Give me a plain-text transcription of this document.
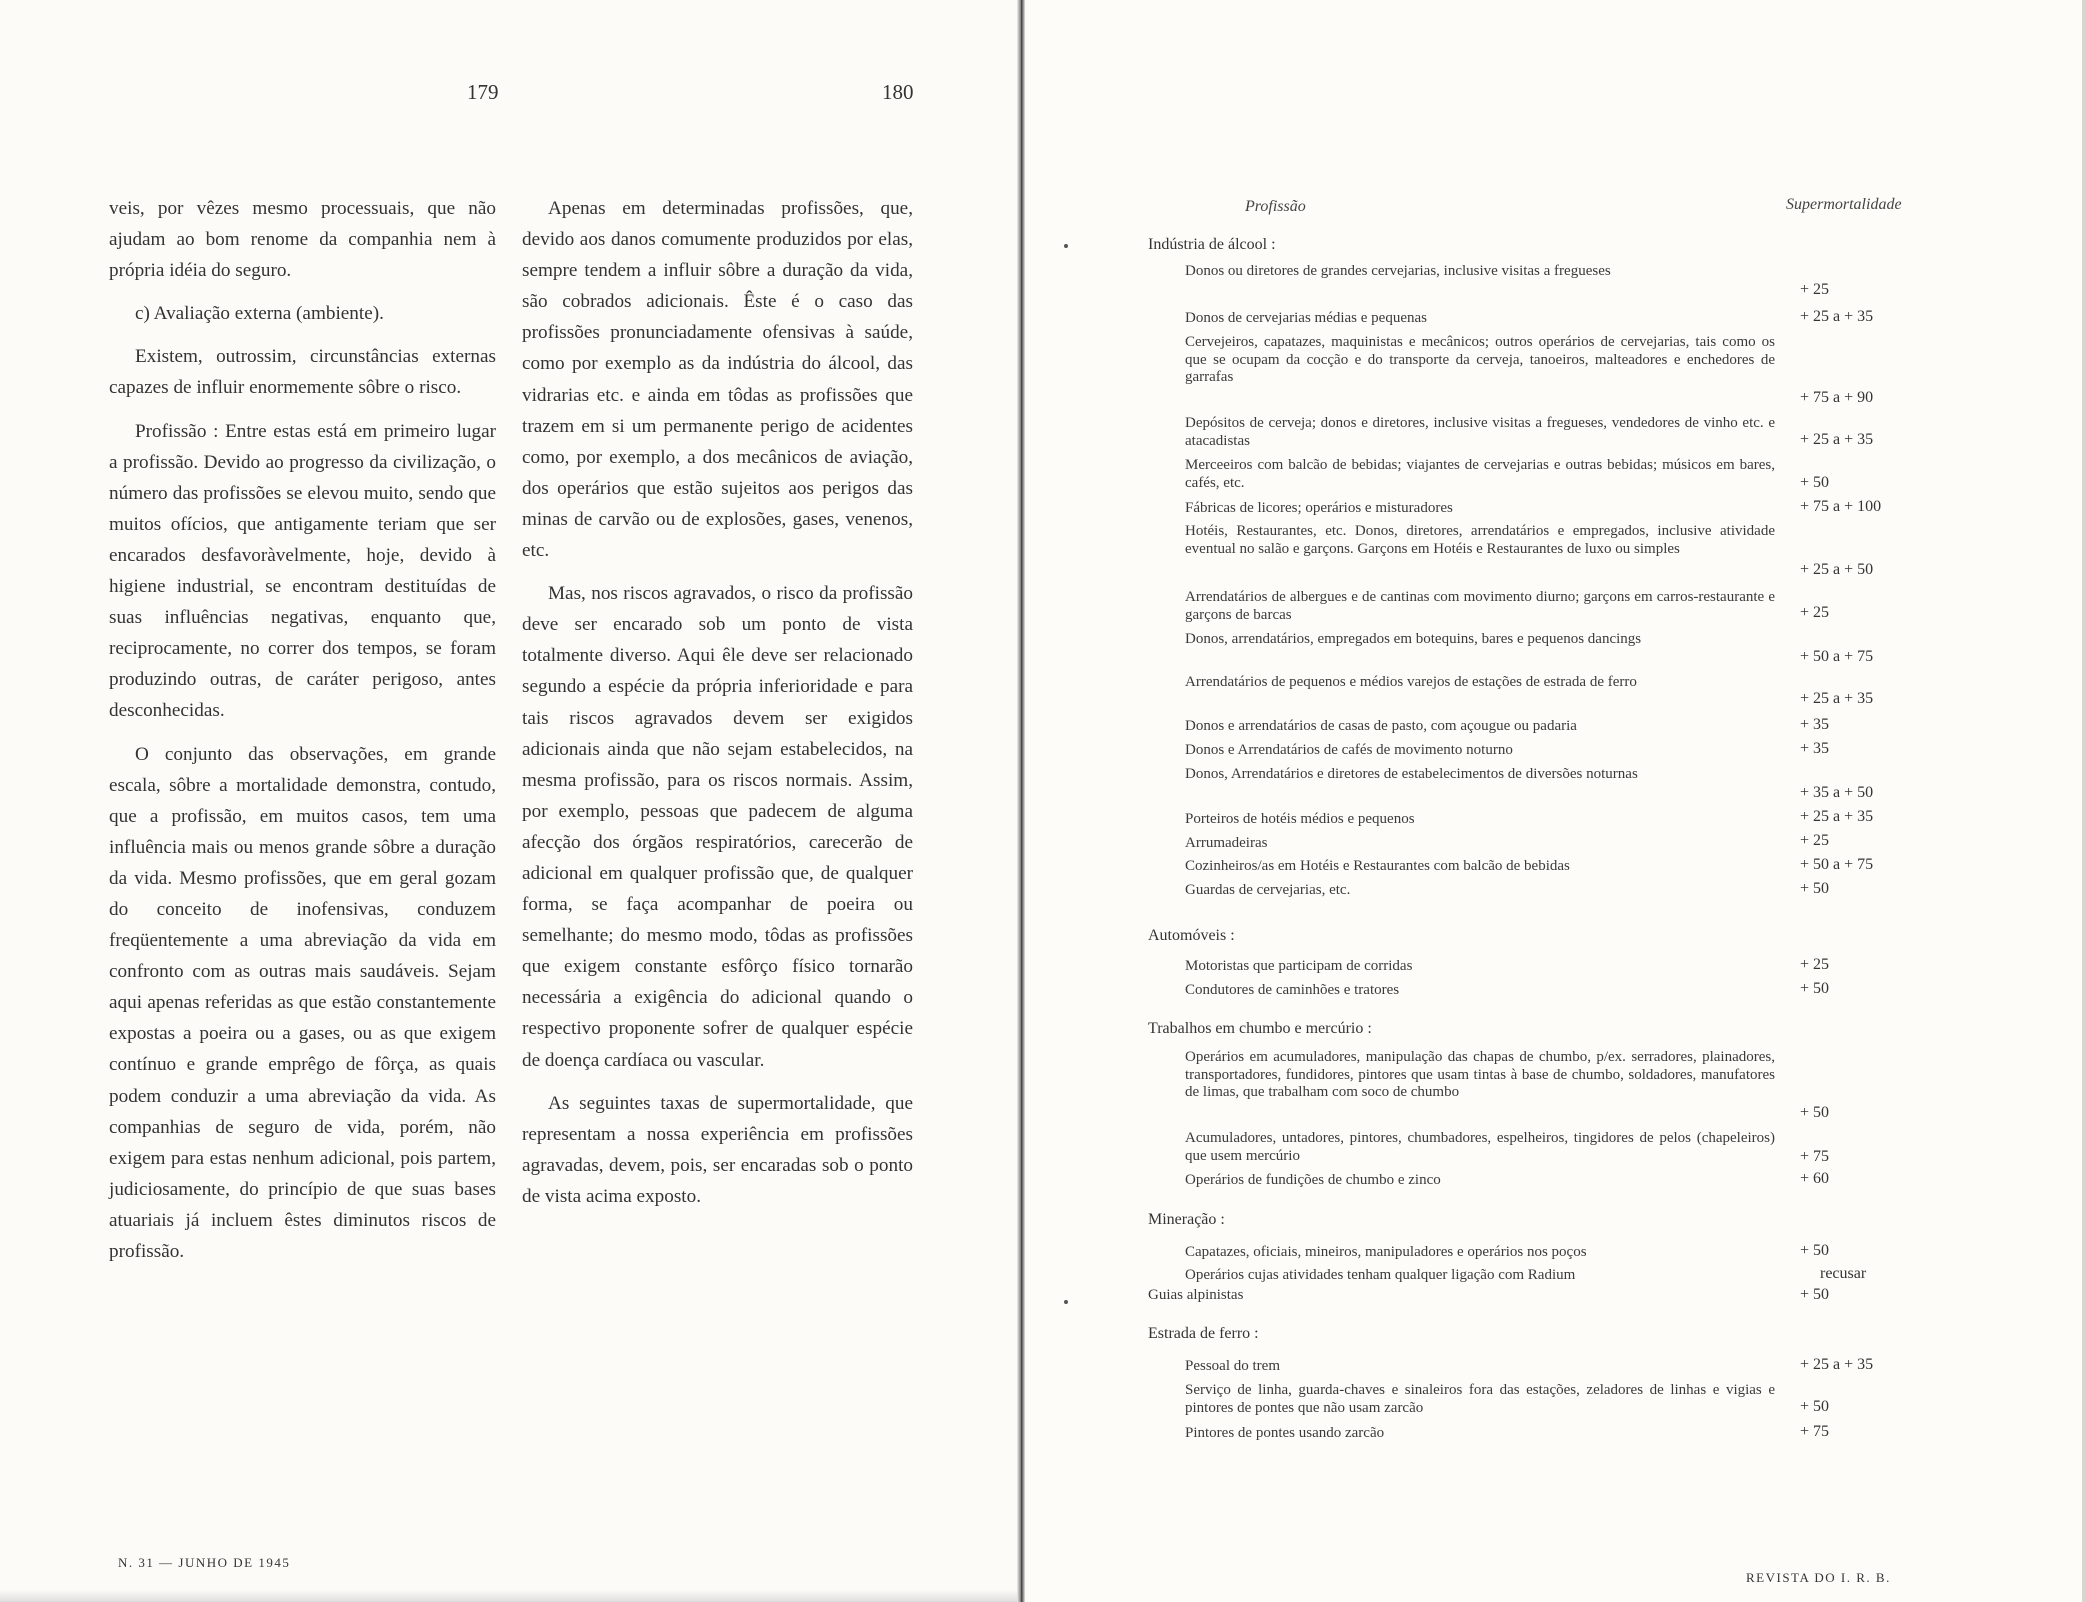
179	180

veis, por vêzes mesmo processuais, que não ajudam ao bom renome da companhia nem à própria idéia do seguro.

c) Avaliação externa (ambiente).

Existem, outrossim, circunstâncias externas capazes de influir enormemente sôbre o risco.

Profissão : Entre estas está em primeiro lugar a profissão. Devido ao progresso da civilização, o número das profissões se elevou muito, sendo que muitos ofícios, que antigamente teriam que ser encarados desfavoràvelmente, hoje, devido à higiene industrial, se encontram destituídas de suas influências negativas, enquanto que, reciprocamente, no correr dos tempos, se foram produzindo outras, de caráter perigoso, antes desconhecidas.

O conjunto das observações, em grande escala, sôbre a mortalidade demonstra, contudo, que a profissão, em muitos casos, tem uma influência mais ou menos grande sôbre a duração da vida. Mesmo profissões, que em geral gozam do conceito de inofensivas, conduzem freqüentemente a uma abreviação da vida em confronto com as outras mais saudáveis. Sejam aqui apenas referidas as que estão constantemente expostas a poeira ou a gases, ou as que exigem contínuo e grande emprêgo de fôrça, as quais podem conduzir a uma abreviação da vida. As companhias de seguro de vida, porém, não exigem para estas nenhum adicional, pois partem, judiciosamente, do princípio de que suas bases atuariais já incluem êstes diminutos riscos de profissão.

Apenas em determinadas profissões, que, devido aos danos comumente produzidos por elas, sempre tendem a influir sôbre a duração da vida, são cobrados adicionais. Êste é o caso das profissões pronunciadamente ofensivas à saúde, como por exemplo as da indústria do álcool, das vidrarias etc. e ainda em tôdas as profissões que trazem em si um permanente perigo de acidentes como, por exemplo, a dos mecânicos de aviação, dos operários que estão sujeitos aos perigos das minas de carvão ou de explosões, gases, venenos, etc.

Mas, nos riscos agravados, o risco da profissão deve ser encarado sob um ponto de vista totalmente diverso. Aqui êle deve ser relacionado segundo a espécie da própria inferioridade e para tais riscos agravados devem ser exigidos adicionais ainda que não sejam estabelecidos, na mesma profissão, para os riscos normais. Assim, por exemplo, pessoas que padecem de alguma afecção dos órgãos respiratórios, carecerão de adicional em qualquer profissão que, de qualquer forma, se faça acompanhar de poeira ou semelhante; do mesmo modo, tôdas as profissões que exigem constante esfôrço físico tornarão necessária a exigência do adicional quando o respectivo proponente sofrer de qualquer espécie de doença cardíaca ou vascular.

As seguintes taxas de supermortalidade, que representam a nossa experiência em profissões agravadas, devem, pois, ser encaradas sob o ponto de vista acima exposto.

N. 31 — JUNHO DE 1945
Profissão	Supermortalidade
Indústria de álcool :
Donos ou diretores de grandes cervejarias, inclusive visitas a fregueses
+ 25
Donos de cervejarias médias e pequenas	+ 25 a + 35
Cervejeiros, capatazes, maquinistas e mecânicos; outros operários de cervejarias, tais como os que se ocupam da cocção e do transporte da cerveja, tanoeiros, malteadores e enchedores de garrafas
+ 75 a + 90
Depósitos de cerveja; donos e diretores, inclusive visitas a fregueses, vendedores de vinho etc. e atacadistas	+ 25 a + 35
Merceeiros com balcão de bebidas; viajantes de cervejarias e outras bebidas; músicos em bares, cafés, etc.	+ 50
Fábricas de licores; operários e misturadores	+ 75 a + 100
Hotéis, Restaurantes, etc. Donos, diretores, arrendatários e empregados, inclusive atividade eventual no salão e garçons. Garçons em Hotéis e Restaurantes de luxo ou simples
+ 25 a + 50
Arrendatários de albergues e de cantinas com movimento diurno; garçons em carros-restaurante e garçons de barcas	+ 25
Donos, arrendatários, empregados em botequins, bares e pequenos dancings
+ 50 a + 75
Arrendatários de pequenos e médios varejos de estações de estrada de ferro
+ 25 a + 35
Donos e arrendatários de casas de pasto, com açougue ou padaria	+ 35
Donos e Arrendatários de cafés de movimento noturno	+ 35
Donos, Arrendatários e diretores de estabelecimentos de diversões noturnas
+ 35 a + 50
Porteiros de hotéis médios e pequenos	+ 25 a + 35
Arrumadeiras	+ 25
Cozinheiros/as em Hotéis e Restaurantes com balcão de bebidas	+ 50 a + 75
Guardas de cervejarias, etc.	+ 50
Automóveis :
Motoristas que participam de corridas	+ 25
Condutores de caminhões e tratores	+ 50
Trabalhos em chumbo e mercúrio :
Operários em acumuladores, manipulação das chapas de chumbo, p/ex. serradores, plainadores, transportadores, fundidores, pintores que usam tintas à base de chumbo, soldadores, manufatores de limas, que trabalham com soco de chumbo
+ 50
Acumuladores, untadores, pintores, chumbadores, espelheiros, tingidores de pelos (chapeleiros) que usem mercúrio	+ 75
Operários de fundições de chumbo e zinco	+ 60
Mineração :
Capatazes, oficiais, mineiros, manipuladores e operários nos poços	+ 50
Operários cujas atividades tenham qualquer ligação com Radium	recusar
Guias alpinistas	+ 50
Estrada de ferro :
Pessoal do trem	+ 25 a + 35
Serviço de linha, guarda-chaves e sinaleiros fora das estações, zeladores de linhas e vigias e pintores de pontes que não usam zarcão	+ 50
Pintores de pontes usando zarcão	+ 75
REVISTA DO I. R. B.
